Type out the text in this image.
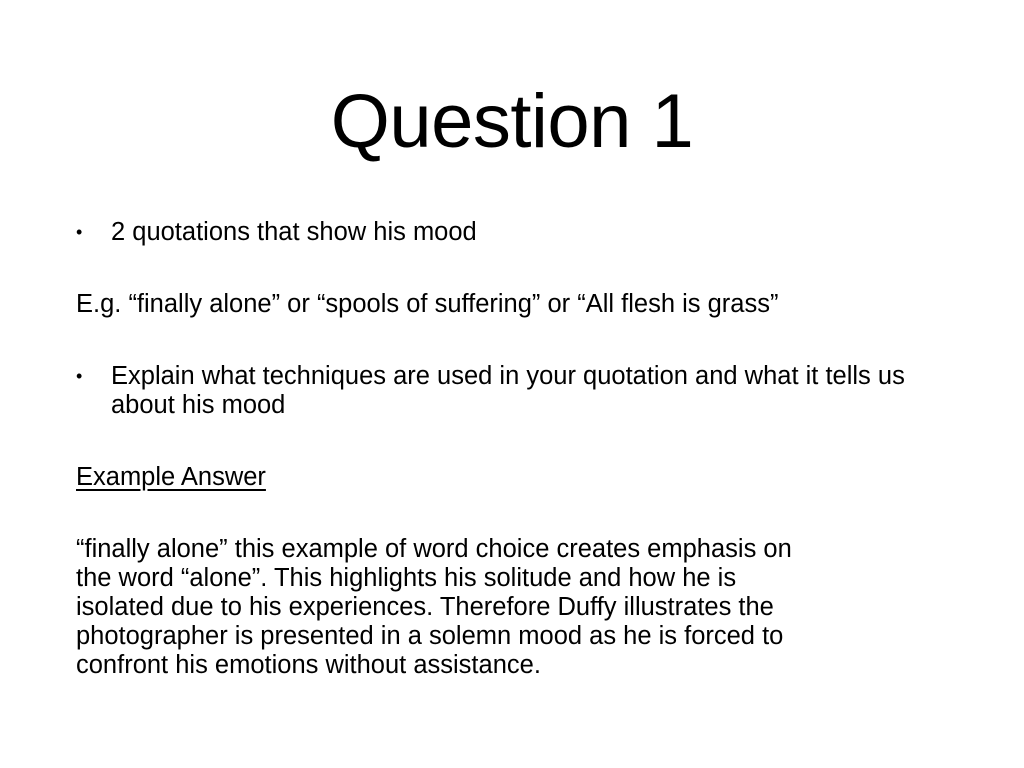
Question 1
•	2 quotations that show his mood

E.g. “finally alone” or “spools of suffering” or “All flesh is grass”

•	Explain what techniques are used in your quotation and what it tells us about his mood

Example Answer

“finally alone” this example of word choice creates emphasis on
the word “alone”. This highlights his solitude and how he is
isolated due to his experiences. Therefore Duffy illustrates the
photographer is presented in a solemn mood as he is forced to
confront his emotions without assistance.
